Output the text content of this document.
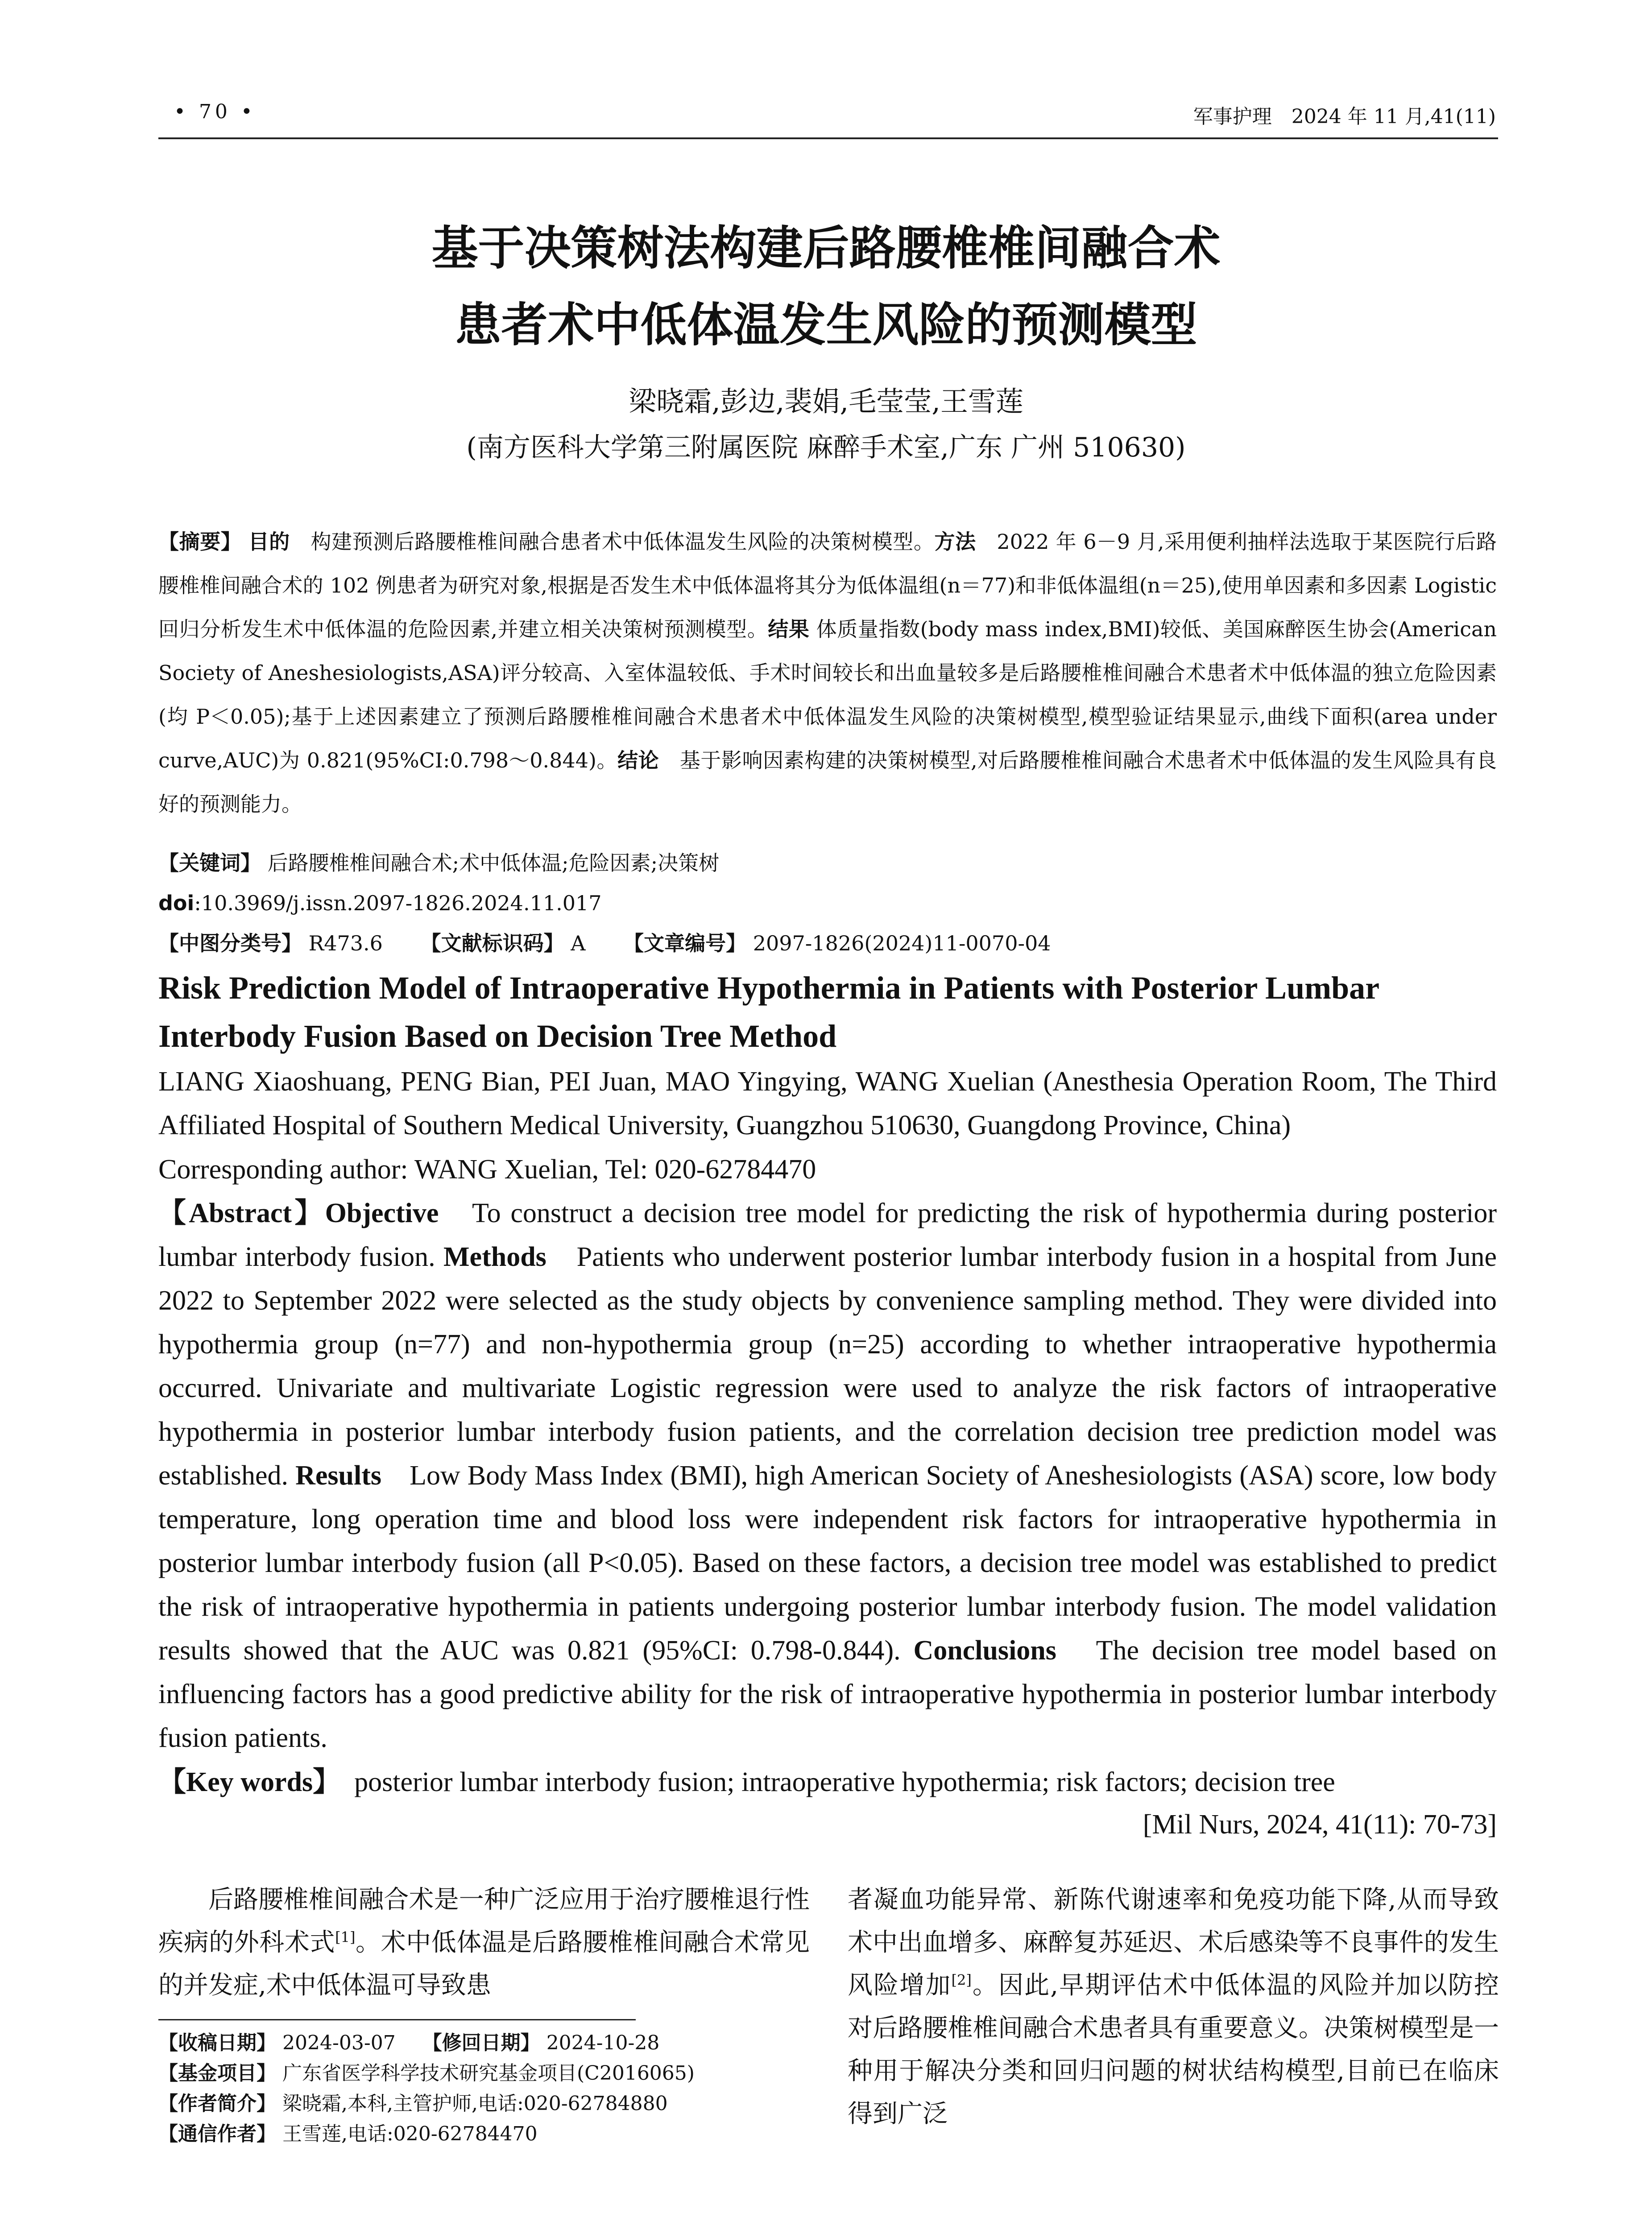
• 70 •	军事护理　2024 年 11 月,41(11)
基于决策树法构建后路腰椎椎间融合术
患者术中低体温发生风险的预测模型
梁晓霜,彭边,裴娟,毛莹莹,王雪莲
(南方医科大学第三附属医院 麻醉手术室,广东 广州 510630)
【摘要】 目的　 构建预测后路腰椎椎间融合患者术中低体温发生风险的决策树模型。方法　 2022 年 6－9 月,采用便利抽样法选取于某医院行后路腰椎椎间融合术的 102 例患者为研究对象,根据是否发生术中低体温将其分为低体温组(n＝77)和非低体温组(n＝25),使用单因素和多因素 Logistic 回归分析发生术中低体温的危险因素,并建立相关决策树预测模型。结果 体质量指数(body mass index,BMI)较低、美国麻醉医生协会(American Society of Aneshesiologists,ASA)评分较高、入室体温较低、手术时间较长和出血量较多是后路腰椎椎间融合术患者术中低体温的独立危险因素(均 P＜0.05);基于上述因素建立了预测后路腰椎椎间融合术患者术中低体温发生风险的决策树模型,模型验证结果显示,曲线下面积(area under curve,AUC)为 0.821(95%CI:0.798～0.844)。结论　 基于影响因素构建的决策树模型,对后路腰椎椎间融合术患者术中低体温的发生风险具有良好的预测能力。
【关键词】 后路腰椎椎间融合术;术中低体温;危险因素;决策树
doi:10.3969/j.issn.2097-1826.2024.11.017
【中图分类号】 R473.6 【文献标识码】 A 【文章编号】 2097-1826(2024)11-0070-04
Risk Prediction Model of Intraoperative Hypothermia in Patients with Posterior Lumbar Interbody Fusion Based on Decision Tree Method
LIANG Xiaoshuang, PENG Bian, PEI Juan, MAO Yingying, WANG Xuelian (Anesthesia Operation Room, The Third Affiliated Hospital of Southern Medical University, Guangzhou 510630, Guangdong Province, China)
Corresponding author: WANG Xuelian, Tel: 020-62784470
【Abstract】Objective　 To construct a decision tree model for predicting the risk of hypothermia during posterior lumbar interbody fusion. Methods　 Patients who underwent posterior lumbar interbody fusion in a hospital from June 2022 to September 2022 were selected as the study objects by convenience sampling method. They were divided into hypothermia group (n=77) and non-hypothermia group (n=25) according to whether intraoperative hypothermia occurred. Univariate and multivariate Logistic regression were used to analyze the risk factors of intraoperative hypothermia in posterior lumbar interbody fusion patients, and the correlation decision tree prediction model was established. Results　 Low Body Mass Index (BMI), high American Society of Aneshesiologists (ASA) score, low body temperature, long operation time and blood loss were independent risk factors for intraoperative hypothermia in posterior lumbar interbody fusion (all P<0.05). Based on these factors, a decision tree model was established to predict the risk of intraoperative hypothermia in patients undergoing posterior lumbar interbody fusion. The model validation results showed that the AUC was 0.821 (95%CI: 0.798-0.844). Conclusions　 The decision tree model based on influencing factors has a good predictive ability for the risk of intraoperative hypothermia in posterior lumbar interbody fusion patients.
【Key words】　 posterior lumbar interbody fusion; intraoperative hypothermia; risk factors; decision tree
[Mil Nurs, 2024, 41(11): 70-73]
后路腰椎椎间融合术是一种广泛应用于治疗腰椎退行性疾病的外科术式[1]。术中低体温是后路腰椎椎间融合术常见的并发症,术中低体温可导致患
者凝血功能异常、新陈代谢速率和免疫功能下降,从而导致术中出血增多、麻醉复苏延迟、术后感染等不良事件的发生风险增加[2]。因此,早期评估术中低体温的风险并加以防控对后路腰椎椎间融合术患者具有重要意义。决策树模型是一种用于解决分类和回归问题的树状结构模型,目前已在临床得到广泛
【收稿日期】 2024-03-07 【修回日期】 2024-10-28
【基金项目】 广东省医学科学技术研究基金项目(C2016065)
【作者简介】 梁晓霜,本科,主管护师,电话:020-62784880
【通信作者】 王雪莲,电话:020-62784470
